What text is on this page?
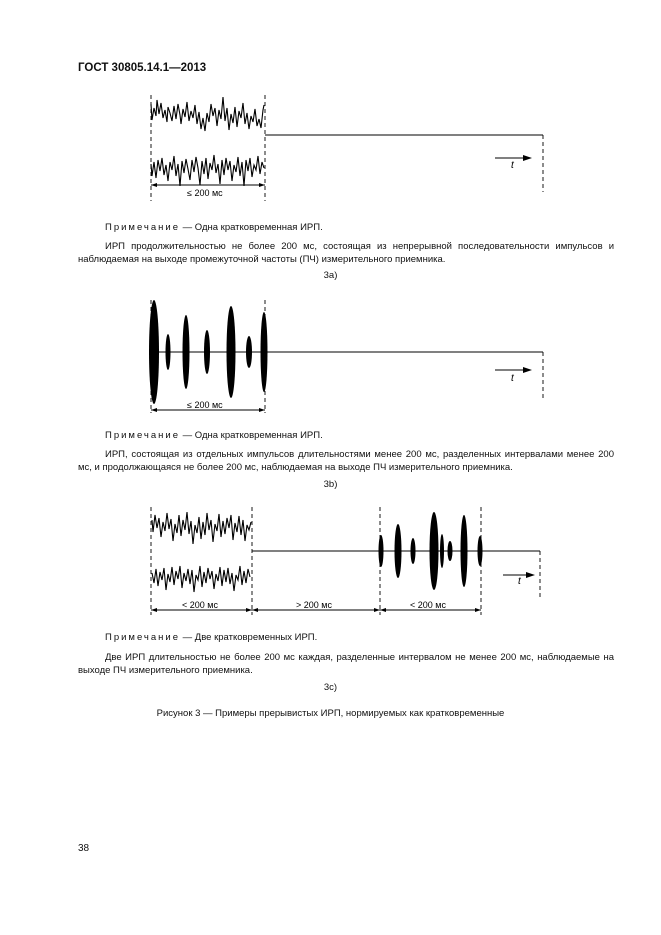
ГОСТ 30805.14.1—2013
t
≤ 200 мс
Примечание — Одна кратковременная ИРП.
ИРП продолжительностью не более 200 мс, состоящая из непрерывной последовательности импульсов и наблюдаемая на выходе промежуточной частоты (ПЧ) измерительного приемника.
3а)
t
≤ 200 мс
Примечание — Одна кратковременная ИРП.
ИРП, состоящая из отдельных импульсов длительностями менее 200 мс, разделенных интервалами менее 200 мс, и продолжающаяся не более 200 мс, наблюдаемая на выходе ПЧ измерительного приемника.
3b)
t
< 200 мс	> 200 мс	< 200 мс
Примечание — Две кратковременных ИРП.
Две ИРП длительностью не более 200 мс каждая, разделенные интервалом не менее 200 мс, наблюдаемые на выходе ПЧ измерительного приемника.
3с)
Рисунок 3 — Примеры прерывистых ИРП, нормируемых как кратковременные
38
